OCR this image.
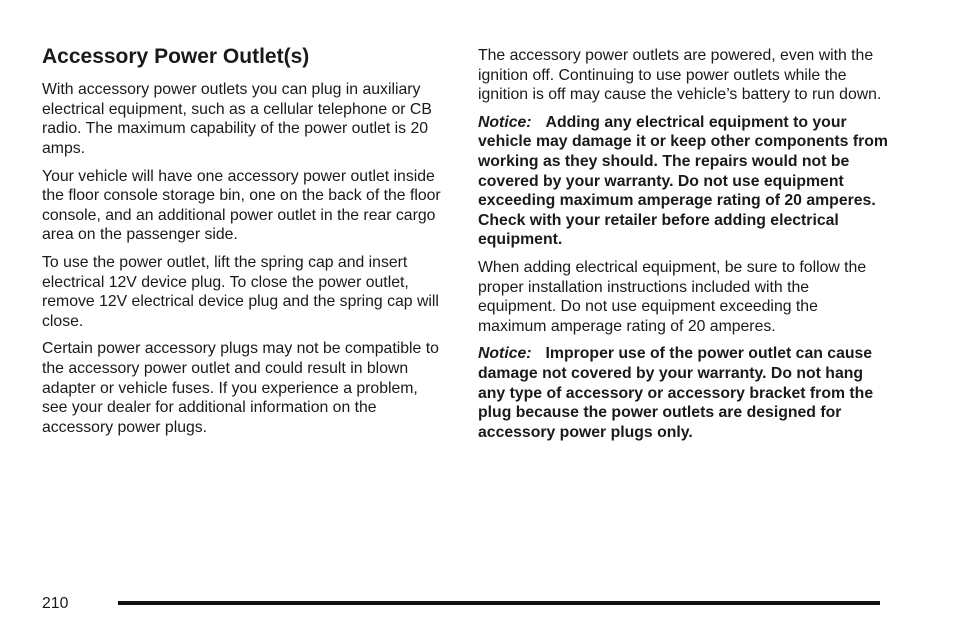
Accessory Power Outlet(s)

With accessory power outlets you can plug in auxiliary electrical equipment, such as a cellular telephone or CB radio. The maximum capability of the power outlet is 20 amps.

Your vehicle will have one accessory power outlet inside the floor console storage bin, one on the back of the floor console, and an additional power outlet in the rear cargo area on the passenger side.

To use the power outlet, lift the spring cap and insert electrical 12V device plug. To close the power outlet, remove 12V electrical device plug and the spring cap will close.

Certain power accessory plugs may not be compatible to the accessory power outlet and could result in blown adapter or vehicle fuses. If you experience a problem, see your dealer for additional information on the accessory power plugs.

The accessory power outlets are powered, even with the ignition off. Continuing to use power outlets while the ignition is off may cause the vehicle’s battery to run down.

Notice: Adding any electrical equipment to your vehicle may damage it or keep other components from working as they should. The repairs would not be covered by your warranty. Do not use equipment exceeding maximum amperage rating of 20 amperes. Check with your retailer before adding electrical equipment.

When adding electrical equipment, be sure to follow the proper installation instructions included with the equipment. Do not use equipment exceeding the maximum amperage rating of 20 amperes.

Notice: Improper use of the power outlet can cause damage not covered by your warranty. Do not hang any type of accessory or accessory bracket from the plug because the power outlets are designed for accessory power plugs only.

210
